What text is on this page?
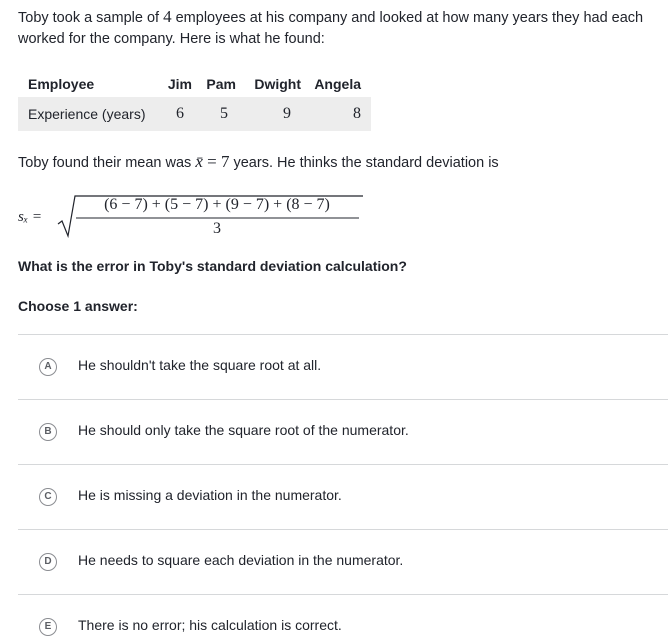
Toby took a sample of 4 employees at his company and looked at how many years they had each worked for the company. Here is what he found:
Employee	Jim	Pam	Dwight	Angela
Experience (years)	6	5	9	8
Toby found their mean was x̄ = 7 years. He thinks the standard deviation is
sₓ =
(6 − 7) + (5 − 7) + (9 − 7) + (8 − 7)
3
What is the error in Toby's standard deviation calculation?
Choose 1 answer:
A	He shouldn't take the square root at all.
B	He should only take the square root of the numerator.
C	He is missing a deviation in the numerator.
D	He needs to square each deviation in the numerator.
E	There is no error; his calculation is correct.
